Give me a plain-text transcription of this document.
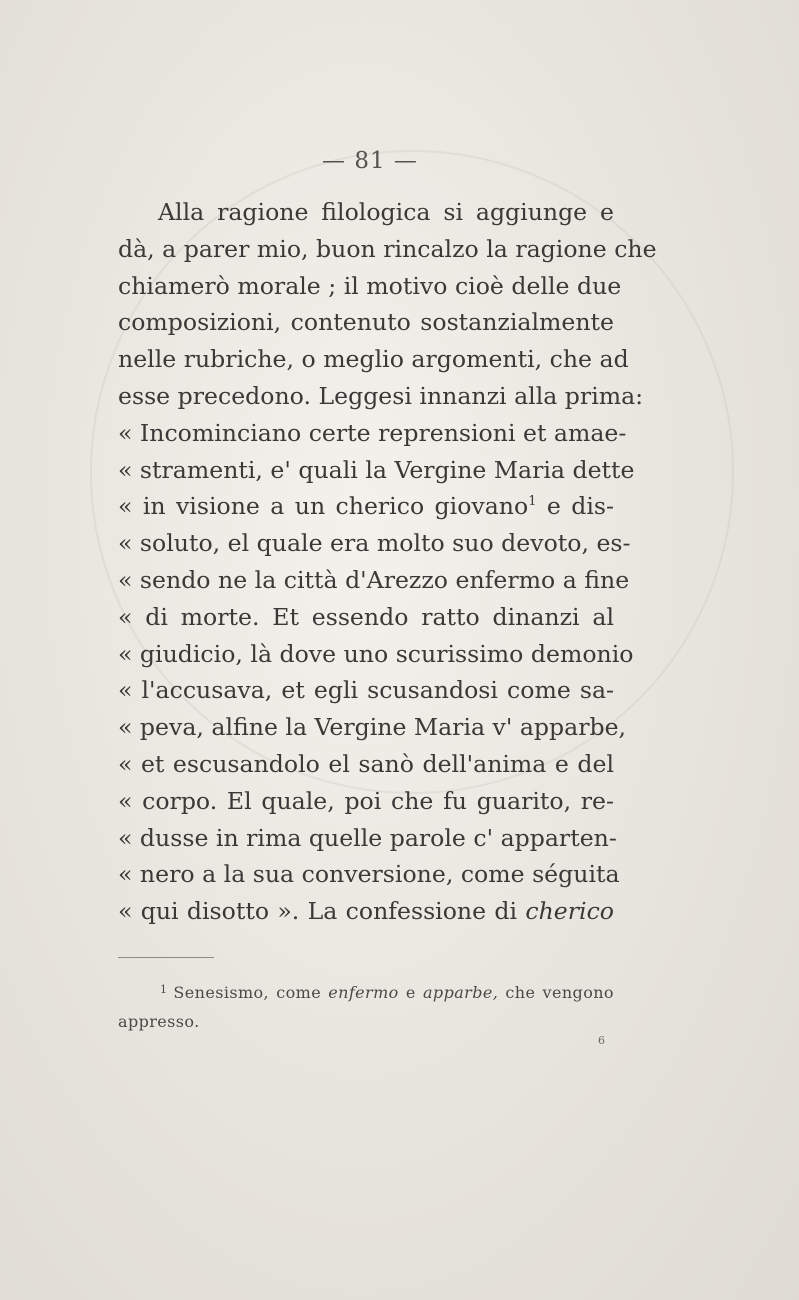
— 81 —
Alla ragione filologica si aggiunge e
dà, a parer mio, buon rincalzo la ragione che
chiamerò morale ; il motivo cioè delle due
composizioni, contenuto sostanzialmente
nelle rubriche, o meglio argomenti, che ad
esse precedono. Leggesi innanzi alla prima:
« Incominciano certe reprensioni et amae-
« stramenti, e' quali la Vergine Maria dette
« in visione a un cherico giovano$^1$ e dis-
« soluto, el quale era molto suo devoto, es-
« sendo ne la città d'Arezzo enfermo a fine
« di morte. Et essendo ratto dinanzi al
« giudicio, là dove uno scurissimo demonio
« l'accusava, et egli scusandosi come sa-
« peva, alfine la Vergine Maria v' apparbe,
« et escusandolo el sanò dell'anima e del
« corpo. El quale, poi che fu guarito, re-
« dusse in rima quelle parole c' apparten-
« nero a la sua conversione, come séguita
« qui disotto ». La confessione di cherico
$^1$ Senesismo, come enfermo e apparbe, che vengono
appresso.
6
